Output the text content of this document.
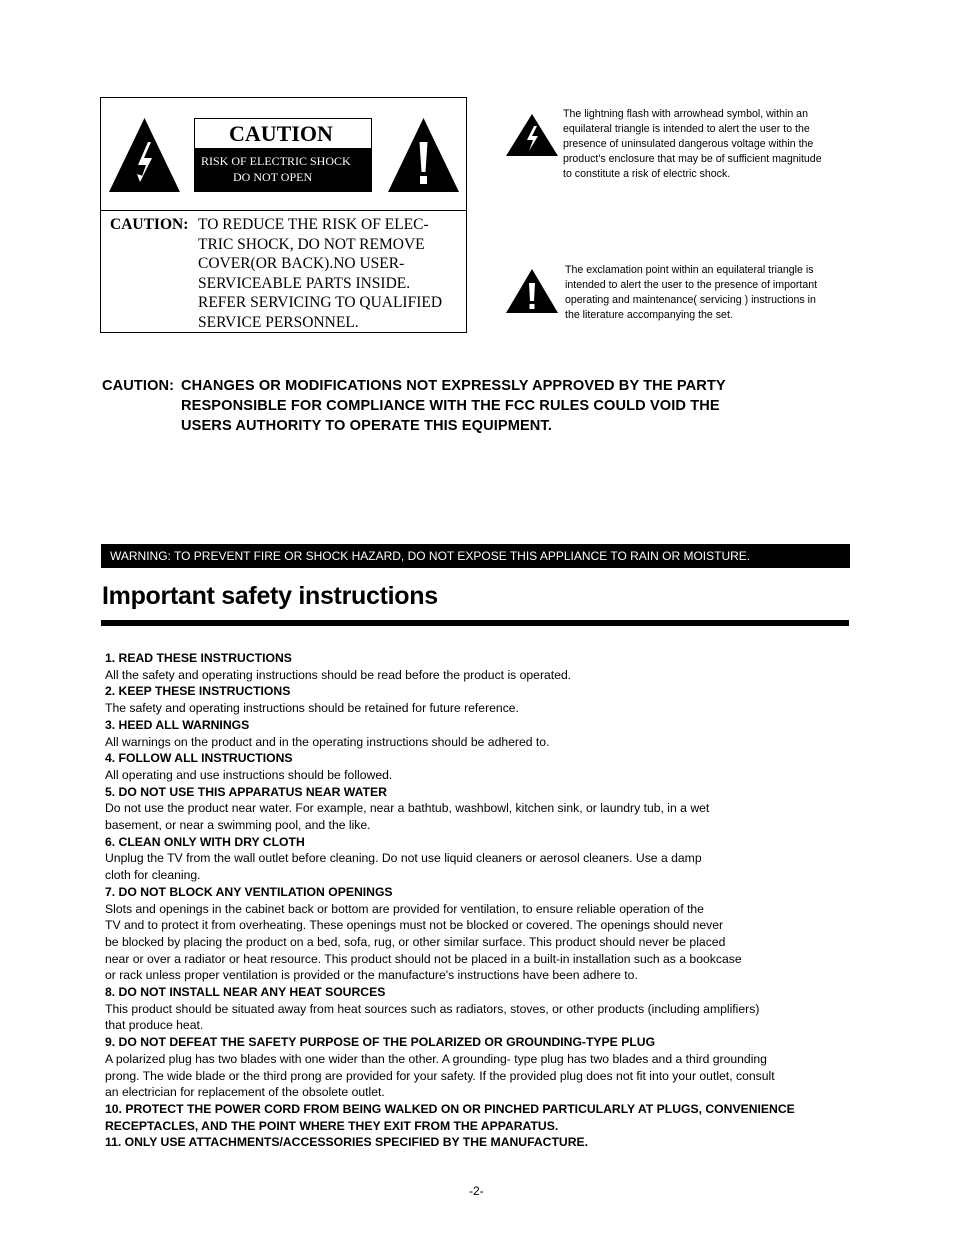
CAUTION
RISK OF ELECTRIC SHOCK
DO NOT OPEN
CAUTION: TO REDUCE THE RISK OF ELEC-
TRIC SHOCK, DO NOT REMOVE
COVER(OR BACK).NO USER-
SERVICEABLE PARTS INSIDE.
REFER SERVICING TO QUALIFIED
SERVICE PERSONNEL.
The lightning flash with arrowhead symbol, within an
equilateral triangle is intended to alert the user to the
presence of uninsulated dangerous voltage within the
product's enclosure that may be of sufficient magnitude
to constitute a risk of electric shock.
The exclamation point within an equilateral triangle is
intended to alert the user to the presence of important
operating and maintenance( servicing ) instructions in
the literature accompanying the set.
CAUTION: CHANGES OR MODIFICATIONS NOT EXPRESSLY APPROVED BY THE PARTY
RESPONSIBLE FOR COMPLIANCE WITH THE FCC RULES COULD VOID THE
USERS AUTHORITY TO OPERATE THIS EQUIPMENT.
WARNING: TO PREVENT FIRE OR SHOCK HAZARD, DO NOT EXPOSE THIS APPLIANCE TO RAIN OR MOISTURE.
Important safety instructions
1. READ THESE INSTRUCTIONS
All the safety and operating instructions should be read before the product is operated.
2. KEEP THESE INSTRUCTIONS
The safety and operating instructions should be retained for future reference.
3. HEED ALL WARNINGS
All warnings on the product and in the operating instructions should be adhered to.
4. FOLLOW ALL INSTRUCTIONS
All operating and use instructions should be followed.
5. DO NOT USE THIS APPARATUS NEAR WATER
Do not use the product near water. For example, near a bathtub, washbowl, kitchen sink, or laundry tub, in a wet
basement, or near a swimming pool, and the like.
6. CLEAN ONLY WITH DRY CLOTH
Unplug the TV from the wall outlet before cleaning. Do not use liquid cleaners or aerosol cleaners. Use a damp
cloth for cleaning.
7. DO NOT BLOCK ANY VENTILATION OPENINGS
Slots and openings in the cabinet back or bottom are provided for ventilation, to ensure reliable operation of the
TV and to protect it from overheating. These openings must not be blocked or covered. The openings should never
be blocked by placing the product on a bed, sofa, rug, or other similar surface. This product should never be placed
near or over a radiator or heat resource. This product should not be placed in a built-in installation such as a bookcase
or rack unless proper ventilation is provided or the manufacture's instructions have been adhere to.
8. DO NOT INSTALL NEAR ANY HEAT SOURCES
This product should be situated away from heat sources such as radiators, stoves, or other products (including amplifiers)
that produce heat.
9. DO NOT DEFEAT THE SAFETY PURPOSE OF THE POLARIZED OR GROUNDING-TYPE PLUG
A polarized plug has two blades with one wider than the other. A grounding- type plug has two blades and a third grounding
prong. The wide blade or the third prong are provided for your safety. If the provided plug does not fit into your outlet, consult
an electrician for replacement of the obsolete outlet.
10. PROTECT THE POWER CORD FROM BEING WALKED ON OR PINCHED PARTICULARLY AT PLUGS, CONVENIENCE
RECEPTACLES, AND THE POINT WHERE THEY EXIT FROM THE APPARATUS.
11. ONLY USE ATTACHMENTS/ACCESSORIES SPECIFIED BY THE MANUFACTURE.
-2-
